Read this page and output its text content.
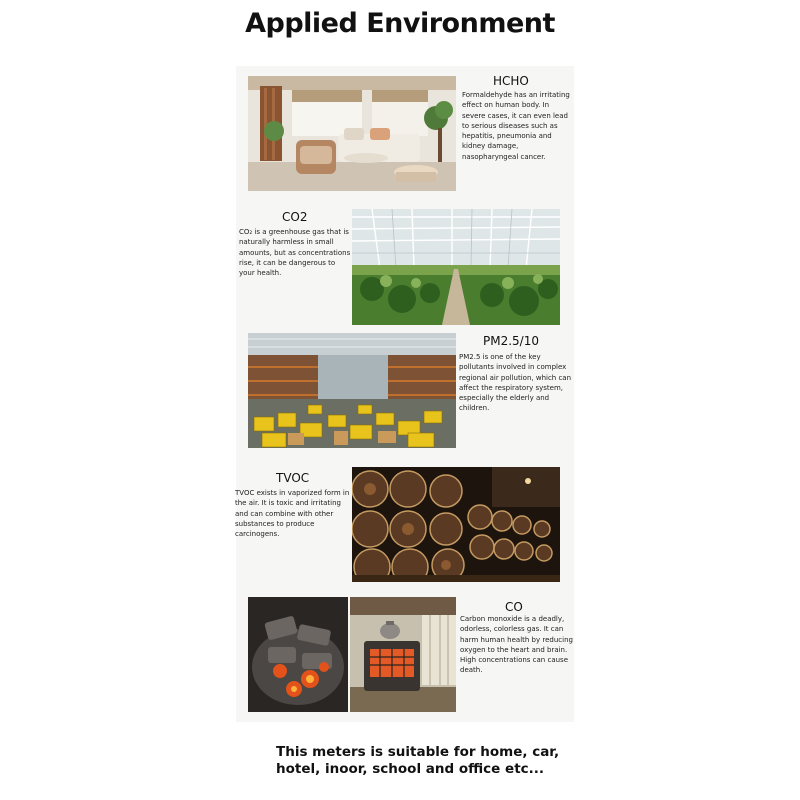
Applied Environment
HCHO
Formaldehyde has an irritating effect on human body. In severe cases, it can even lead to serious diseases such as hepatitis, pneumonia and kidney damage, nasopharyngeal cancer.
CO2
CO₂ is a greenhouse gas that is naturally harmless in small amounts, but as concentrations rise, it can be dangerous to your health.
PM2.5/10
PM2.5 is one of the key pollutants involved in complex regional air pollution, which can affect the respiratory system, especially the elderly and children.
TVOC
TVOC exists in vaporized form in the air. It is toxic and irritating and can combine with other substances to produce carcinogens.
CO
Carbon monoxide is a deadly, odorless, colorless gas. It can harm human health by reducing oxygen to the heart and brain. High concentrations can cause death.
This meters is suitable for home, car, hotel, inoor, school and office etc...
